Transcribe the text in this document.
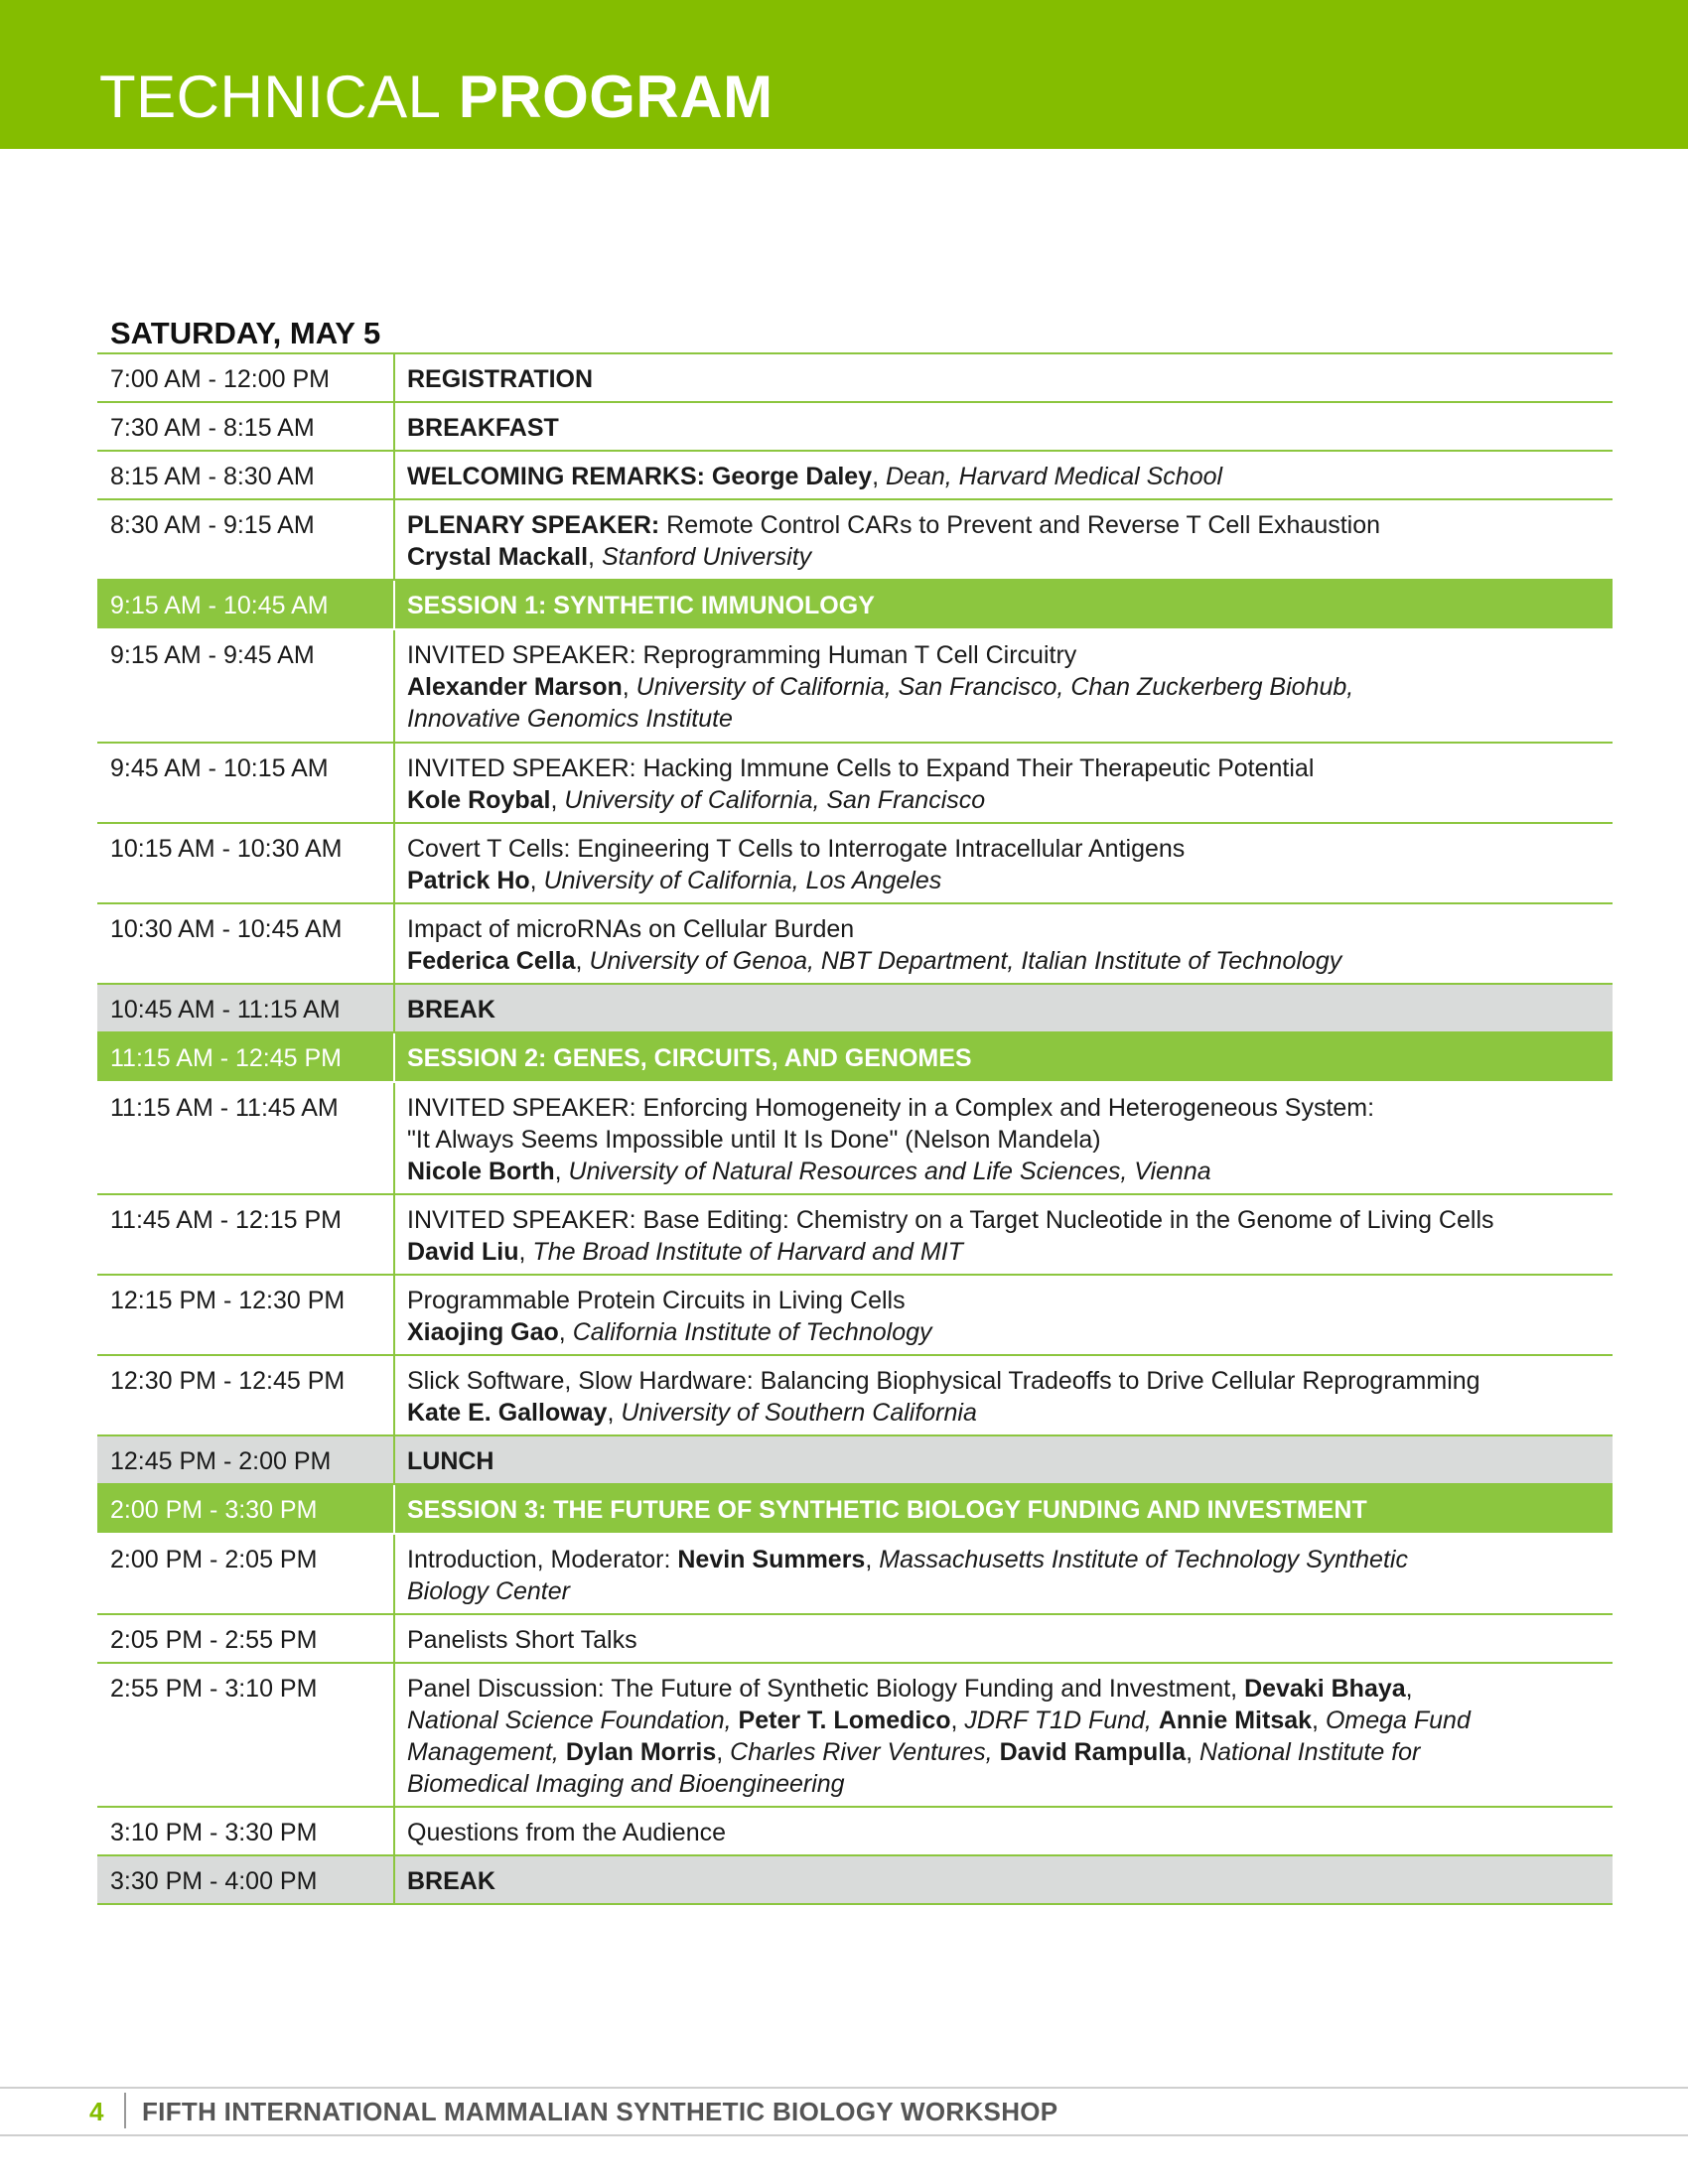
TECHNICAL PROGRAM
SATURDAY, MAY 5
7:00 AM - 12:00 PM	REGISTRATION
7:30 AM - 8:15 AM	BREAKFAST
8:15 AM - 8:30 AM	WELCOMING REMARKS: George Daley, Dean, Harvard Medical School
8:30 AM - 9:15 AM	PLENARY SPEAKER: Remote Control CARs to Prevent and Reverse T Cell Exhaustion
Crystal Mackall, Stanford University
9:15 AM - 10:45 AM	SESSION 1: SYNTHETIC IMMUNOLOGY
9:15 AM - 9:45 AM	INVITED SPEAKER: Reprogramming Human T Cell Circuitry
Alexander Marson, University of California, San Francisco, Chan Zuckerberg Biohub,
Innovative Genomics Institute
9:45 AM - 10:15 AM	INVITED SPEAKER: Hacking Immune Cells to Expand Their Therapeutic Potential
Kole Roybal, University of California, San Francisco
10:15 AM - 10:30 AM	Covert T Cells: Engineering T Cells to Interrogate Intracellular Antigens
Patrick Ho, University of California, Los Angeles
10:30 AM - 10:45 AM	Impact of microRNAs on Cellular Burden
Federica Cella, University of Genoa, NBT Department, Italian Institute of Technology
10:45 AM - 11:15 AM	BREAK
11:15 AM - 12:45 PM	SESSION 2: GENES, CIRCUITS, AND GENOMES
11:15 AM - 11:45 AM	INVITED SPEAKER: Enforcing Homogeneity in a Complex and Heterogeneous System:
"It Always Seems Impossible until It Is Done" (Nelson Mandela)
Nicole Borth, University of Natural Resources and Life Sciences, Vienna
11:45 AM - 12:15 PM	INVITED SPEAKER: Base Editing: Chemistry on a Target Nucleotide in the Genome of Living Cells
David Liu, The Broad Institute of Harvard and MIT
12:15 PM - 12:30 PM	Programmable Protein Circuits in Living Cells
Xiaojing Gao, California Institute of Technology
12:30 PM - 12:45 PM	Slick Software, Slow Hardware: Balancing Biophysical Tradeoffs to Drive Cellular Reprogramming
Kate E. Galloway, University of Southern California
12:45 PM - 2:00 PM	LUNCH
2:00 PM - 3:30 PM	SESSION 3: THE FUTURE OF SYNTHETIC BIOLOGY FUNDING AND INVESTMENT
2:00 PM - 2:05 PM	Introduction, Moderator: Nevin Summers, Massachusetts Institute of Technology Synthetic
Biology Center
2:05 PM - 2:55 PM	Panelists Short Talks
2:55 PM - 3:10 PM	Panel Discussion: The Future of Synthetic Biology Funding and Investment, Devaki Bhaya,
National Science Foundation, Peter T. Lomedico, JDRF T1D Fund, Annie Mitsak, Omega Fund
Management, Dylan Morris, Charles River Ventures, David Rampulla, National Institute for
Biomedical Imaging and Bioengineering
3:10 PM - 3:30 PM	Questions from the Audience
3:30 PM - 4:00 PM	BREAK
4 FIFTH INTERNATIONAL MAMMALIAN SYNTHETIC BIOLOGY WORKSHOP
